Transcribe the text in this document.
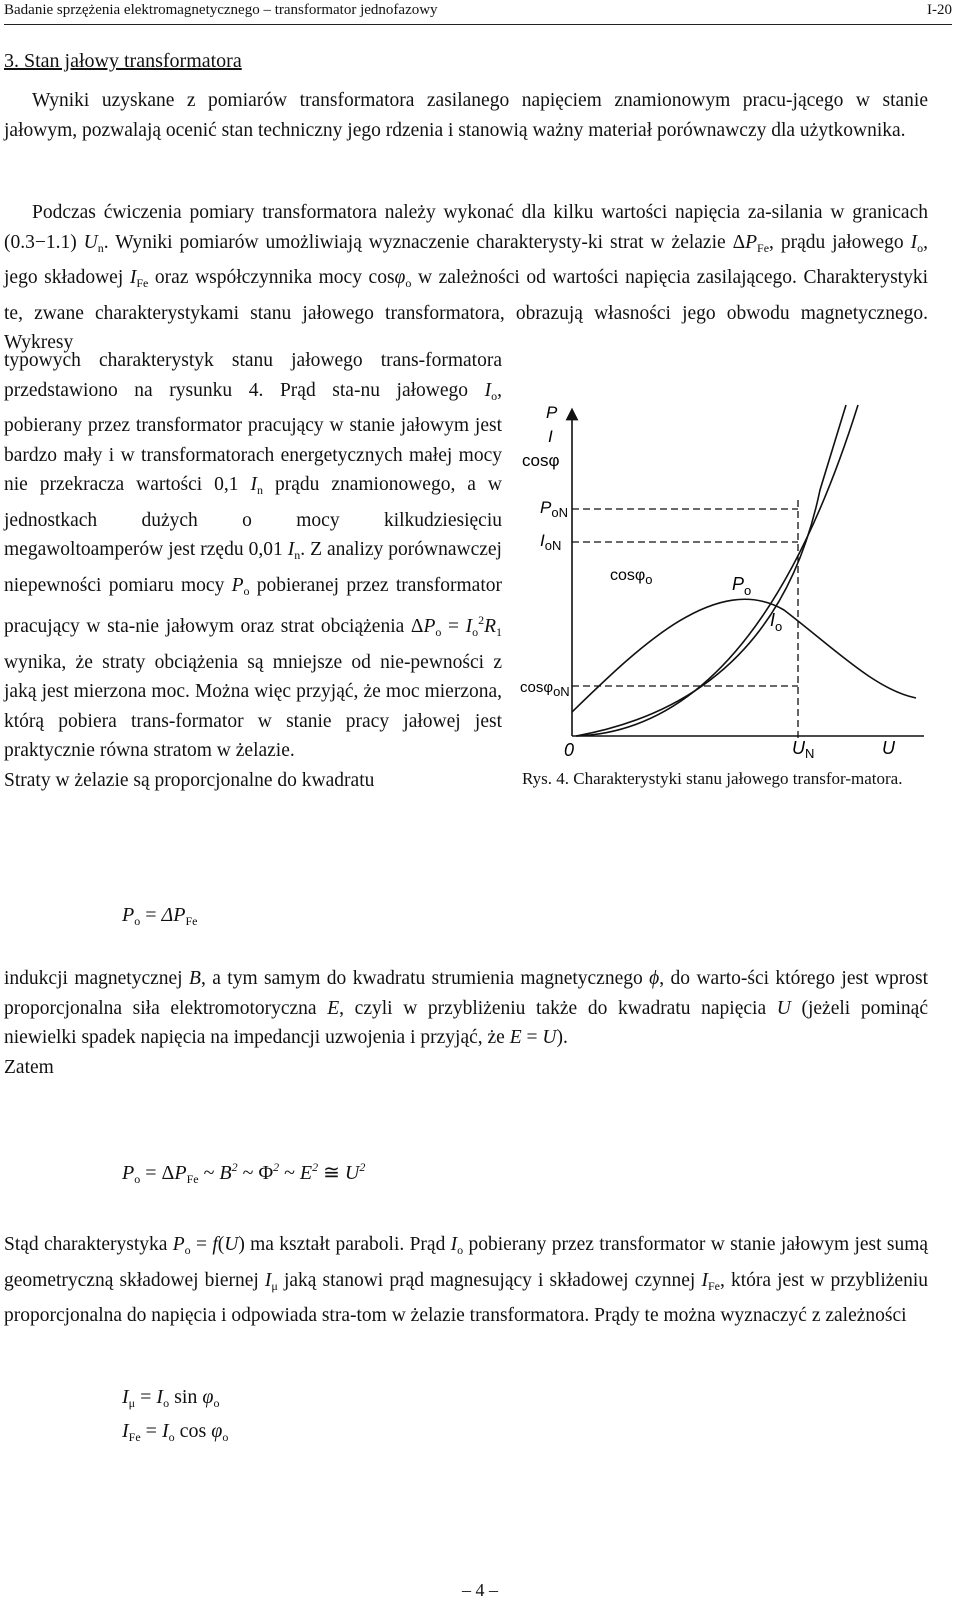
Badanie sprzężenia elektromagnetycznego – transformator jednofazowy	I-20
3. Stan jałowy transformatora

Wyniki uzyskane z pomiarów transformatora zasilanego napięciem znamionowym pracu-jącego w stanie jałowym, pozwalają ocenić stan techniczny jego rdzenia i stanowią ważny materiał porównawczy dla użytkownika.

Podczas ćwiczenia pomiary transformatora należy wykonać dla kilku wartości napięcia za-silania w granicach (0.3−1.1) $U_n$. Wyniki pomiarów umożliwiają wyznaczenie charakterysty-ki strat w żelazie $\Delta P_{Fe}$, prądu jałowego $I_o$, jego składowej $I_{Fe}$ oraz współczynnika mocy cosφ$_o$ w zależności od wartości napięcia zasilającego. Charakterystyki te, zwane charakterystykami stanu jałowego transformatora, obrazują własności jego obwodu magnetycznego. Wykresy

typowych charakterystyk stanu jałowego trans-formatora przedstawiono na rysunku 4. Prąd sta-nu jałowego $I_o$, pobierany przez transformator pracujący w stanie jałowym jest bardzo mały i w transformatorach energetycznych małej mocy nie przekracza wartości 0,1 $I_n$ prądu znamionowego, a w jednostkach dużych o mocy kilkudziesięciu megawoltoamperów jest rzędu 0,01 $I_n$. Z analizy porównawczej niepewności pomiaru mocy $P_o$ pobieranej przez transformator pracujący w sta-nie jałowym oraz strat obciążenia $\Delta P_o = I_o^2R_1$ wynika, że straty obciążenia są mniejsze od nie-pewności z jaką jest mierzona moc. Można więc przyjąć, że moc mierzona, którą pobiera trans-formator w stanie pracy jałowej jest praktycznie równa stratom w żelazie.

Straty w żelazie są proporcjonalne do kwadratu

P
I
cosφ
$P_{oN}$
$I_{oN}$
cosφoN
cosφ$_o$	$P_o$
$I_o$
0	$U_N$	U
Rys. 4. Charakterystyki stanu jałowego transfor-matora.
$P_o = \Delta P_{Fe}$

indukcji magnetycznej B, a tym samym do kwadratu strumienia magnetycznego ϕ, do warto-ści którego jest wprost proporcjonalna siła elektromotoryczna E, czyli w przybliżeniu także do kwadratu napięcia U (jeżeli pominąć niewielki spadek napięcia na impedancji uzwojenia i przyjąć, że E = U).

Zatem

$P_o = \Delta P_{Fe}$ ~ $B^2$ ~ $\Phi^2$ ~ $E^2$ ≅ $U^2$

Stąd charakterystyka $P_o = f(U)$ ma kształt paraboli. Prąd $I_o$ pobierany przez transformator w stanie jałowym jest sumą geometryczną składowej biernej $I_\mu$ jaką stanowi prąd magnesujący i składowej czynnej $I_{Fe}$, która jest w przybliżeniu proporcjonalna do napięcia i odpowiada stra-tom w żelazie transformatora. Prądy te można wyznaczyć z zależności

$I_\mu = I_o$ $\sin \varphi_o$
$I_{Fe} = I_o$ $\cos \varphi_o$
– 4 –
